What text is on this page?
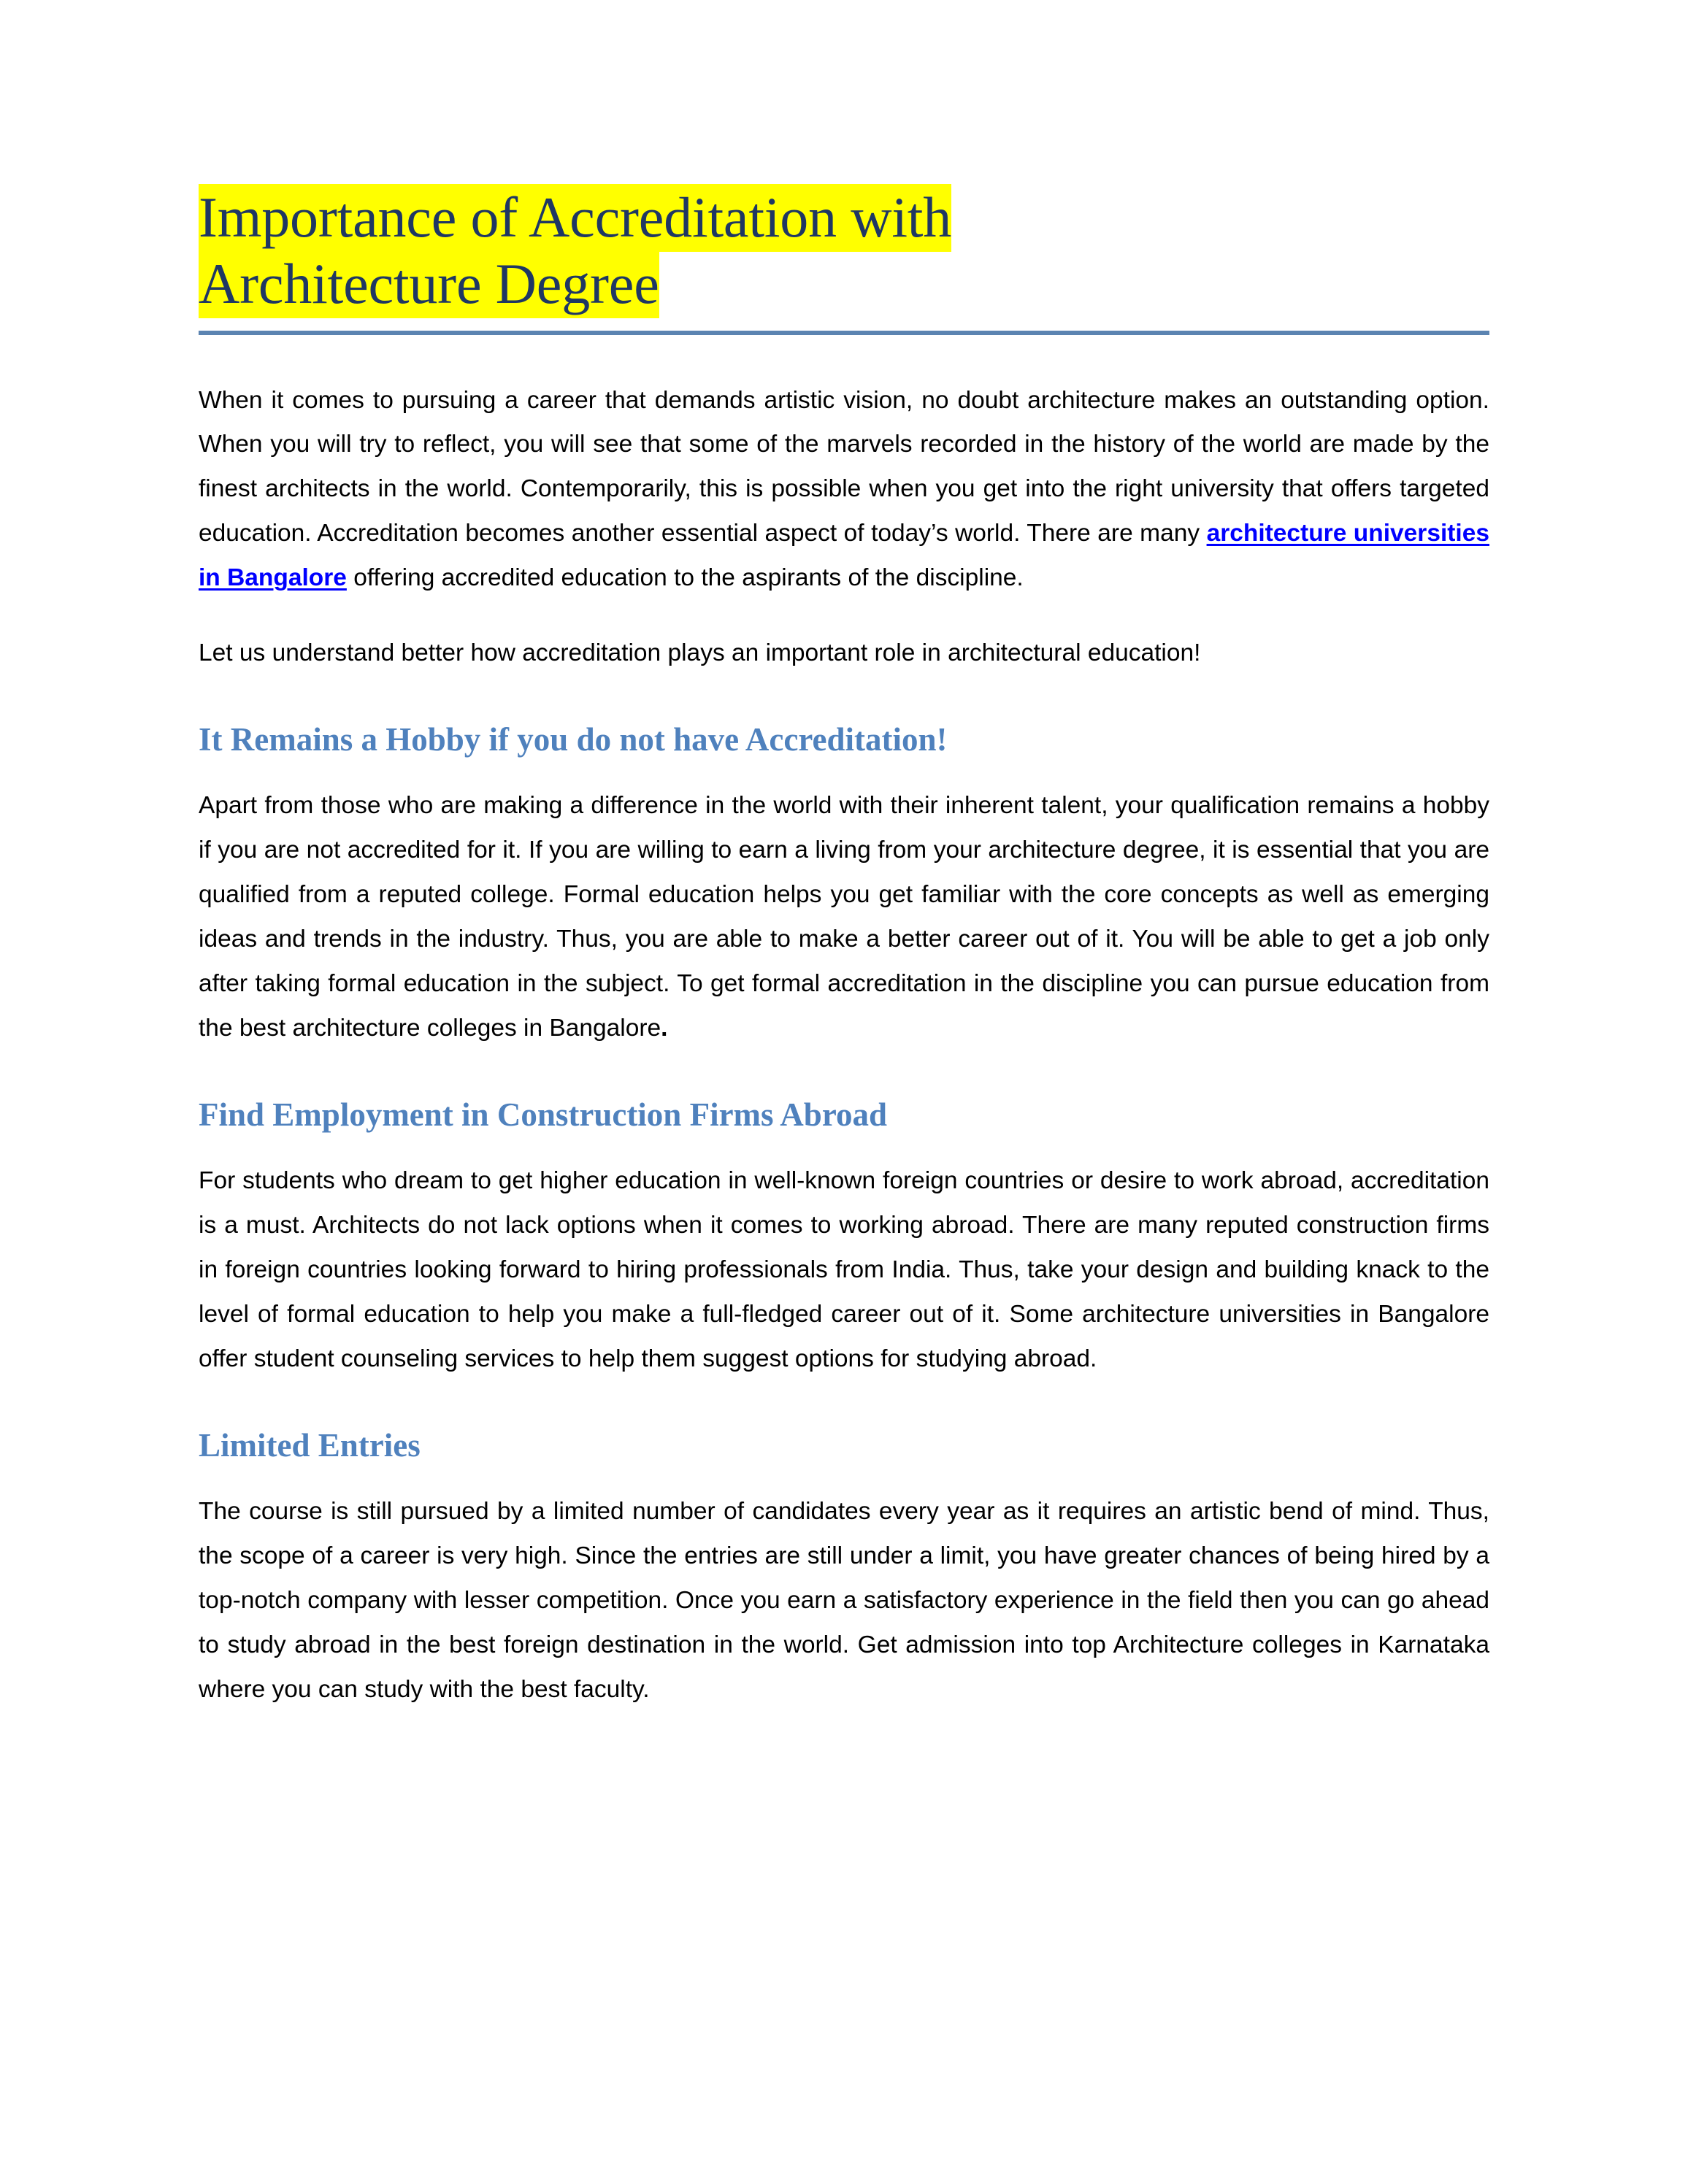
Importance of Accreditation with
Architecture Degree

When it comes to pursuing a career that demands artistic vision, no doubt architecture makes an outstanding option. When you will try to reflect, you will see that some of the marvels recorded in the history of the world are made by the finest architects in the world. Contemporarily, this is possible when you get into the right university that offers targeted education. Accreditation becomes another essential aspect of today’s world. There are many architecture universities in Bangalore offering accredited education to the aspirants of the discipline.

Let us understand better how accreditation plays an important role in architectural education!

It Remains a Hobby if you do not have Accreditation!

Apart from those who are making a difference in the world with their inherent talent, your qualification remains a hobby if you are not accredited for it. If you are willing to earn a living from your architecture degree, it is essential that you are qualified from a reputed college. Formal education helps you get familiar with the core concepts as well as emerging ideas and trends in the industry. Thus, you are able to make a better career out of it. You will be able to get a job only after taking formal education in the subject. To get formal accreditation in the discipline you can pursue education from the best architecture colleges in Bangalore.

Find Employment in Construction Firms Abroad

For students who dream to get higher education in well-known foreign countries or desire to work abroad, accreditation is a must. Architects do not lack options when it comes to working abroad. There are many reputed construction firms in foreign countries looking forward to hiring professionals from India. Thus, take your design and building knack to the level of formal education to help you make a full-fledged career out of it. Some architecture universities in Bangalore offer student counseling services to help them suggest options for studying abroad.

Limited Entries

The course is still pursued by a limited number of candidates every year as it requires an artistic bend of mind. Thus, the scope of a career is very high. Since the entries are still under a limit, you have greater chances of being hired by a top-notch company with lesser competition. Once you earn a satisfactory experience in the field then you can go ahead to study abroad in the best foreign destination in the world. Get admission into top Architecture colleges in Karnataka where you can study with the best faculty.
